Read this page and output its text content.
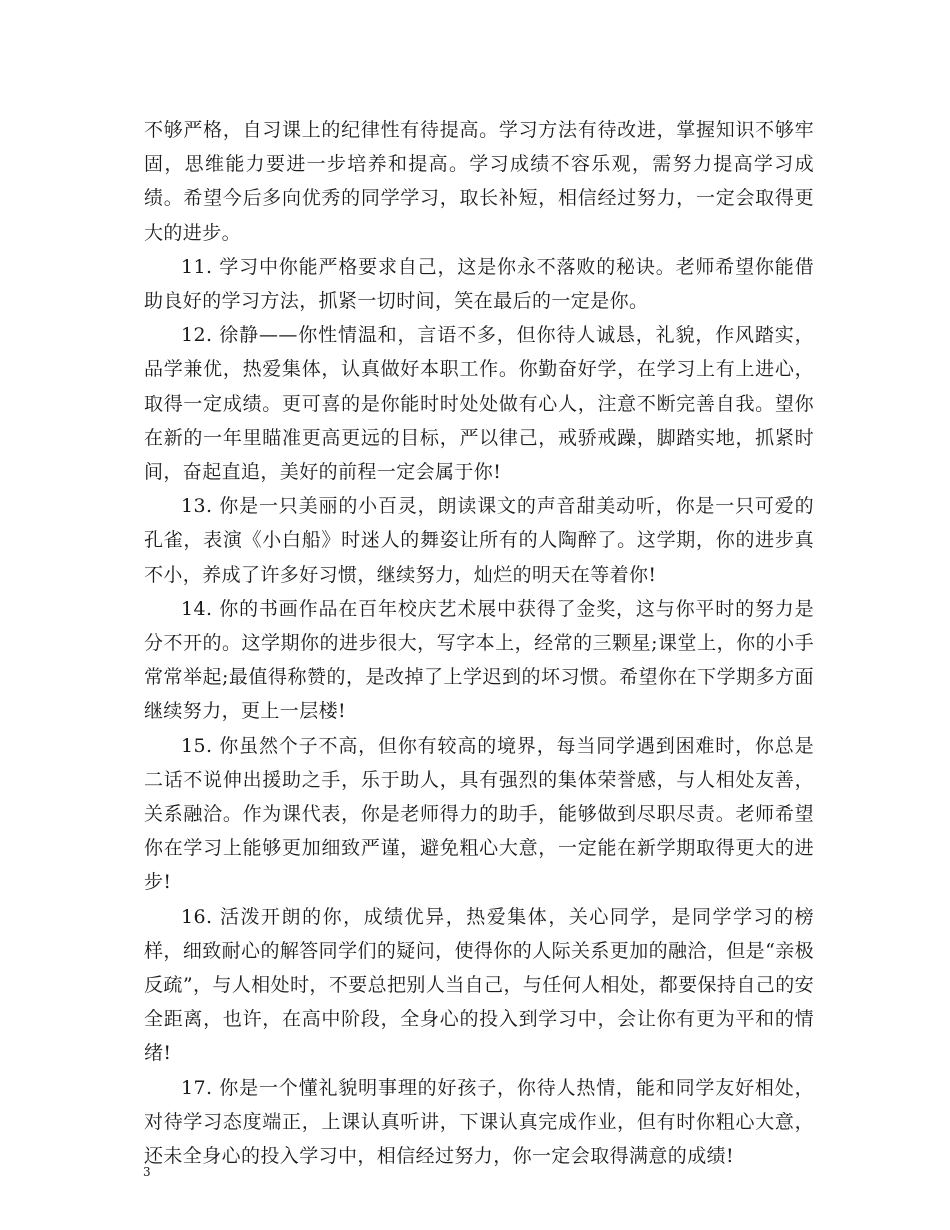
不够严格，自习课上的纪律性有待提高。学习方法有待改进，掌握知识不够牢固，思维能力要进一步培养和提高。学习成绩不容乐观，需努力提高学习成绩。希望今后多向优秀的同学学习，取长补短，相信经过努力，一定会取得更大的进步。

11. 学习中你能严格要求自己，这是你永不落败的秘诀。老师希望你能借助良好的学习方法，抓紧一切时间，笑在最后的一定是你。

12. 徐静——你性情温和，言语不多，但你待人诚恳，礼貌，作风踏实，品学兼优，热爱集体，认真做好本职工作。你勤奋好学，在学习上有上进心，取得一定成绩。更可喜的是你能时时处处做有心人，注意不断完善自我。望你在新的一年里瞄准更高更远的目标，严以律己，戒骄戒躁，脚踏实地，抓紧时间，奋起直追，美好的前程一定会属于你!

13. 你是一只美丽的小百灵，朗读课文的声音甜美动听，你是一只可爱的孔雀，表演《小白船》时迷人的舞姿让所有的人陶醉了。这学期，你的进步真不小，养成了许多好习惯，继续努力，灿烂的明天在等着你!

14. 你的书画作品在百年校庆艺术展中获得了金奖，这与你平时的努力是分不开的。这学期你的进步很大，写字本上，经常的三颗星;课堂上，你的小手常常举起;最值得称赞的，是改掉了上学迟到的坏习惯。希望你在下学期多方面继续努力，更上一层楼!

15. 你虽然个子不高，但你有较高的境界，每当同学遇到困难时，你总是二话不说伸出援助之手，乐于助人，具有强烈的集体荣誉感，与人相处友善，关系融洽。作为课代表，你是老师得力的助手，能够做到尽职尽责。老师希望你在学习上能够更加细致严谨，避免粗心大意，一定能在新学期取得更大的进步!

16. 活泼开朗的你，成绩优异，热爱集体，关心同学，是同学学习的榜样，细致耐心的解答同学们的疑问，使得你的人际关系更加的融洽，但是“亲极反疏”，与人相处时，不要总把别人当自己，与任何人相处，都要保持自己的安全距离，也许，在高中阶段，全身心的投入到学习中，会让你有更为平和的情绪!

17. 你是一个懂礼貌明事理的好孩子，你待人热情，能和同学友好相处，对待学习态度端正，上课认真听讲，下课认真完成作业，但有时你粗心大意，还未全身心的投入学习中，相信经过努力，你一定会取得满意的成绩!

3
